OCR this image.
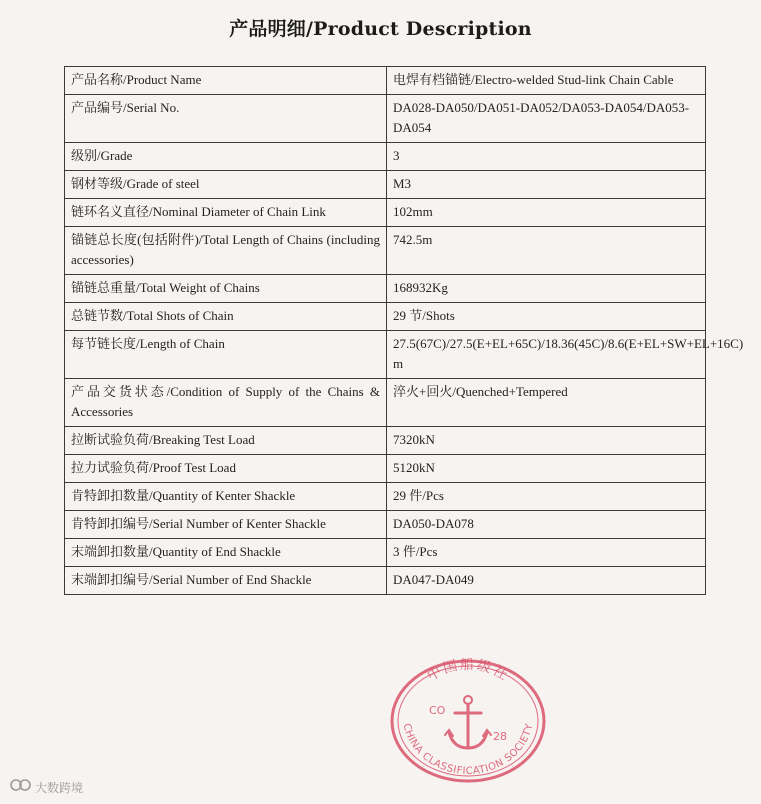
产品明细/Product Description
产品名称/Product Name	电焊有档锚链/Electro-welded Stud-link Chain Cable
产品编号/Serial No.	DA028-DA050/DA051-DA052/DA053-DA054/DA053-DA054
级别/Grade	3
钢材等级/Grade of steel	M3
链环名义直径/Nominal Diameter of Chain Link	102mm
锚链总长度(包括附件)/Total Length of Chains (including accessories)	742.5m
锚链总重量/Total Weight of Chains	168932Kg
总链节数/Total Shots of Chain	29 节/Shots
每节链长度/Length of Chain	27.5(67C)/27.5(E+EL+65C)/18.36(45C)/8.6(E+EL+SW+EL+16C) m
产品交货状态/Condition of Supply of the Chains & Accessories	淬火+回火/Quenched+Tempered
拉断试验负荷/Breaking Test Load	7320kN
拉力试验负荷/Proof Test Load	5120kN
肯特卸扣数量/Quantity of Kenter Shackle	29 件/Pcs
肯特卸扣编号/Serial Number of Kenter Shackle	DA050-DA078
末端卸扣数量/Quantity of End Shackle	3 件/Pcs
末端卸扣编号/Serial Number of End Shackle	DA047-DA049
中国船级社
CHINA CLASSIFICATION SOCIETY
CO
28
大数跨境
